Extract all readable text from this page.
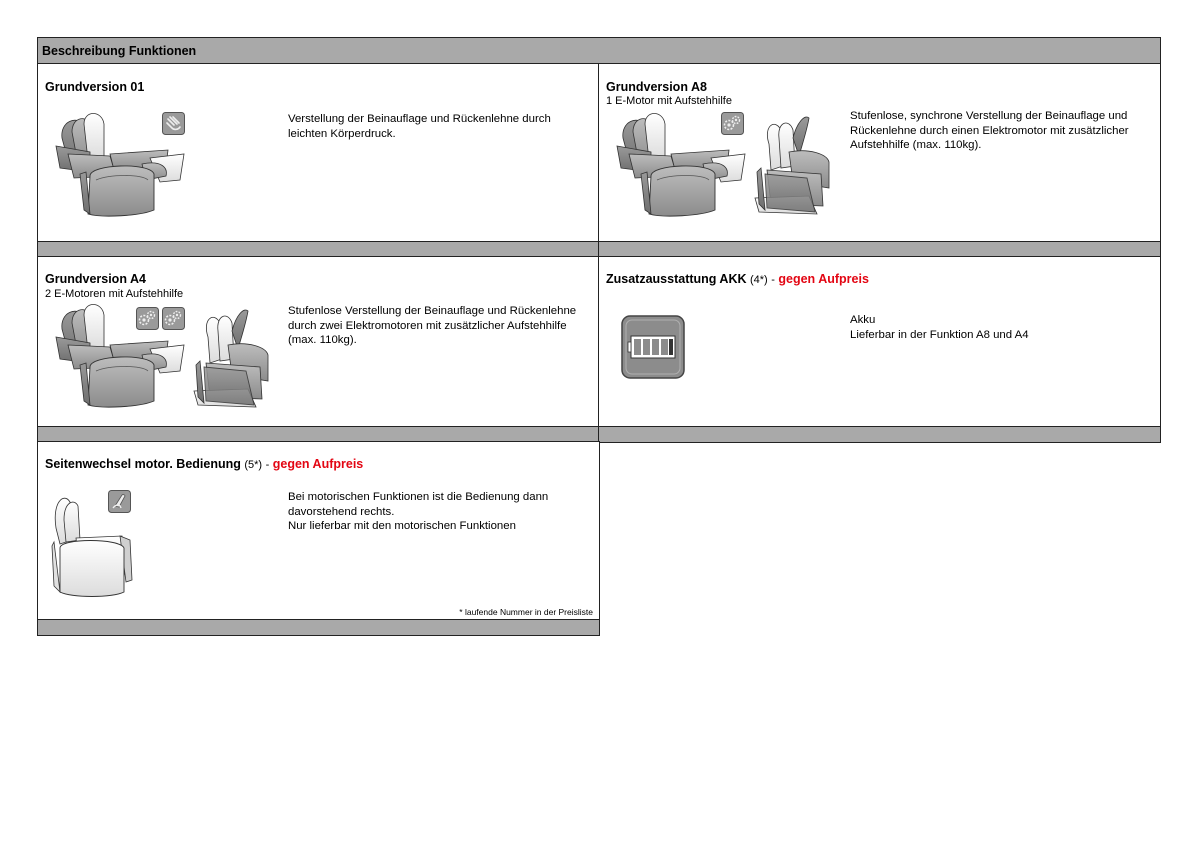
Beschreibung Funktionen
Grundversion 01
Verstellung der Beinauflage und Rückenlehne durch
leichten Körperdruck.
Grundversion A8
1 E-Motor mit Aufstehhilfe
Stufenlose, synchrone Verstellung der Beinauflage und
Rückenlehne durch einen Elektromotor mit zusätzlicher
Aufstehhilfe (max. 110kg).
Grundversion A4
2 E-Motoren mit Aufstehhilfe
Stufenlose Verstellung der Beinauflage und Rückenlehne
durch zwei Elektromotoren mit zusätzlicher Aufstehhilfe
(max. 110kg).
Zusatzausstattung AKK (4*) - gegen Aufpreis
Akku
Lieferbar in der Funktion A8 und A4
Seitenwechsel motor. Bedienung (5*) - gegen Aufpreis
Bei motorischen Funktionen ist die Bedienung dann
davorstehend rechts.
Nur lieferbar mit den motorischen Funktionen
* laufende Nummer in der Preisliste
